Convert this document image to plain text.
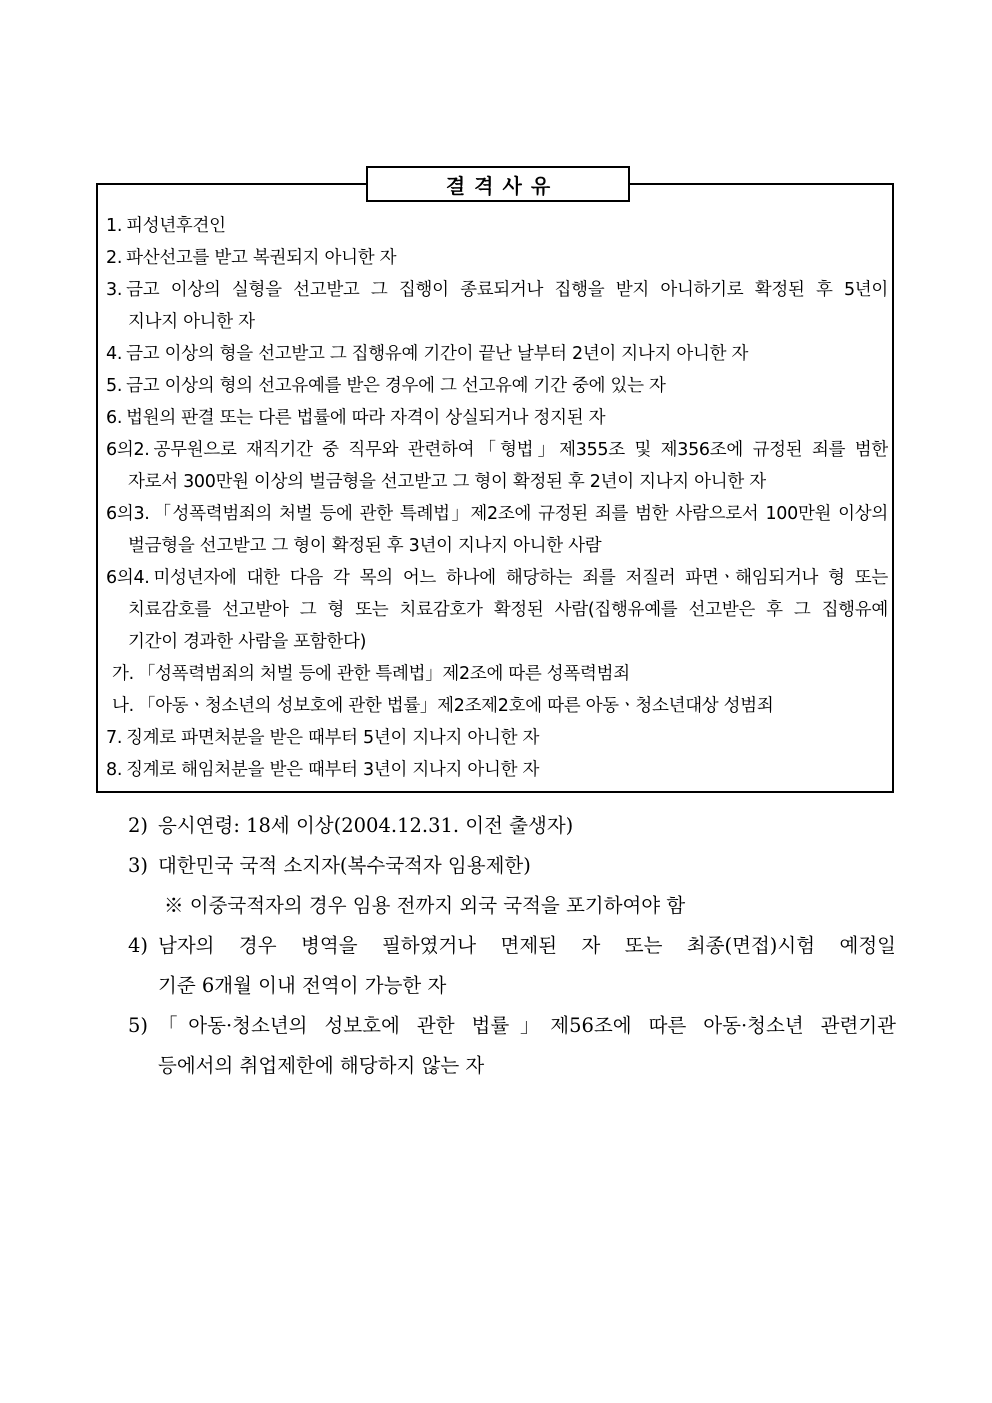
결격사유
1. 피성년후견인
2. 파산선고를 받고 복권되지 아니한 자
3. 금고 이상의 실형을 선고받고 그 집행이 종료되거나 집행을 받지 아니하기로 확정된 후 5년이
지나지 아니한 자
4. 금고 이상의 형을 선고받고 그 집행유예 기간이 끝난 날부터 2년이 지나지 아니한 자
5. 금고 이상의 형의 선고유예를 받은 경우에 그 선고유예 기간 중에 있는 자
6. 법원의 판결 또는 다른 법률에 따라 자격이 상실되거나 정지된 자
6의2. 공무원으로 재직기간 중 직무와 관련하여「형법」제355조 및 제356조에 규정된 죄를 범한
자로서 300만원 이상의 벌금형을 선고받고 그 형이 확정된 후 2년이 지나지 아니한 자
6의3. 「성폭력범죄의 처벌 등에 관한 특례법」제2조에 규정된 죄를 범한 사람으로서 100만원 이상의
벌금형을 선고받고 그 형이 확정된 후 3년이 지나지 아니한 사람
6의4. 미성년자에 대한 다음 각 목의 어느 하나에 해당하는 죄를 저질러 파면ㆍ해임되거나 형 또는
치료감호를 선고받아 그 형 또는 치료감호가 확정된 사람(집행유예를 선고받은 후 그 집행유예
기간이 경과한 사람을 포함한다)
가. 「성폭력범죄의 처벌 등에 관한 특례법」제2조에 따른 성폭력범죄
나. 「아동ㆍ청소년의 성보호에 관한 법률」제2조제2호에 따른 아동ㆍ청소년대상 성범죄
7. 징계로 파면처분을 받은 때부터 5년이 지나지 아니한 자
8. 징계로 해임처분을 받은 때부터 3년이 지나지 아니한 자
2) 응시연령: 18세 이상(2004.12.31. 이전 출생자)
3) 대한민국 국적 소지자(복수국적자 임용제한)
※ 이중국적자의 경우 임용 전까지 외국 국적을 포기하여야 함
4) 남자의 경우 병역을 필하였거나 면제된 자 또는 최종(면접)시험 예정일
기준 6개월 이내 전역이 가능한 자
5) 「아동·청소년의 성보호에 관한 법률」제56조에 따른 아동·청소년 관련기관
등에서의 취업제한에 해당하지 않는 자
